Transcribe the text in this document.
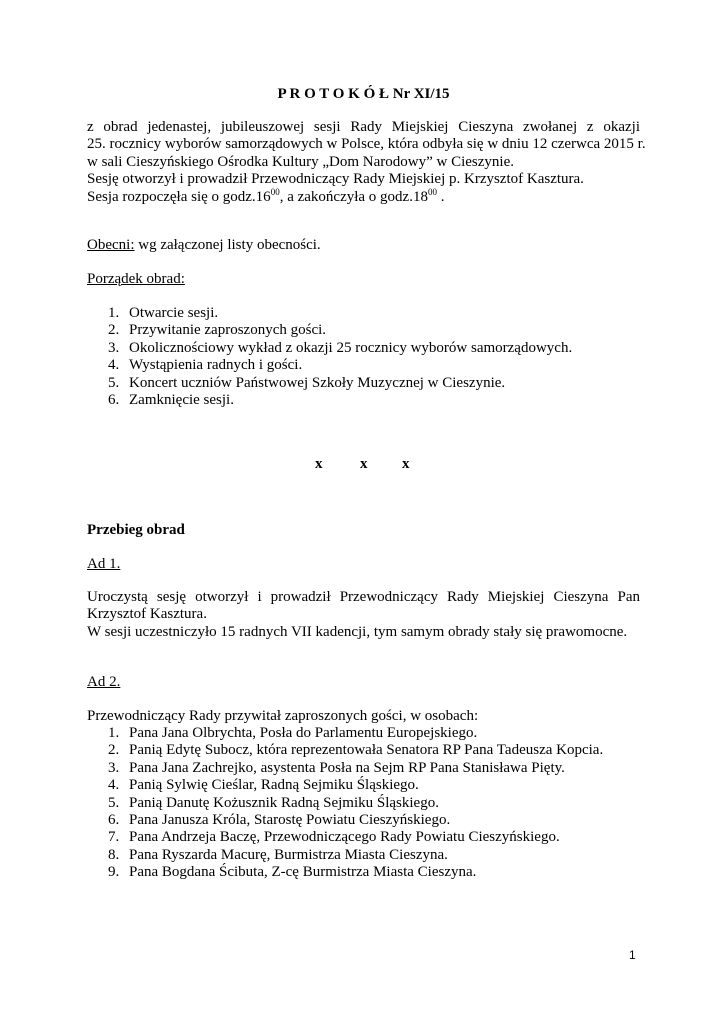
P R O T O K Ó Ł Nr XI/15
z obrad jedenastej, jubileuszowej sesji Rady Miejskiej Cieszyna zwołanej z okazji
25. rocznicy wyborów samorządowych w Polsce, która odbyła się w dniu 12 czerwca 2015 r.
w sali Cieszyńskiego Ośrodka Kultury „Dom Narodowy” w Cieszynie.
Sesję otworzył i prowadził Przewodniczący Rady Miejskiej p. Krzysztof Kasztura.
Sesja rozpoczęła się o $godz.16^{00}$, a zakończyła o $godz.18^{00}$ .
Obecni: wg załączonej listy obecności.
Porządek obrad:
1. Otwarcie sesji.
2. Przywitanie zaproszonych gości.
3. Okolicznościowy wykład z okazji 25 rocznicy wyborów samorządowych.
4. Wystąpienia radnych i gości.
5. Koncert uczniów Państwowej Szkoły Muzycznej w Cieszynie.
6. Zamknięcie sesji.
x	x x
Przebieg obrad
Ad 1.
Uroczystą sesję otworzył i prowadził Przewodniczący Rady Miejskiej Cieszyna Pan
Krzysztof Kasztura.
W sesji uczestniczyło 15 radnych VII kadencji, tym samym obrady stały się prawomocne.
Ad 2.
Przewodniczący Rady przywitał zaproszonych gości, w osobach:
1. Pana Jana Olbrychta, Posła do Parlamentu Europejskiego.
2. Panią Edytę Subocz, która reprezentowała Senatora RP Pana Tadeusza Kopcia.
3. Pana Jana Zachrejko, asystenta Posła na Sejm RP Pana Stanisława Pięty.
4. Panią Sylwię Cieślar, Radną Sejmiku Śląskiego.
5. Panią Danutę Kożusznik Radną Sejmiku Śląskiego.
6. Pana Janusza Króla, Starostę Powiatu Cieszyńskiego.
7. Pana Andrzeja Baczę, Przewodniczącego Rady Powiatu Cieszyńskiego.
8. Pana Ryszarda Macurę, Burmistrza Miasta Cieszyna.
9. Pana Bogdana Ścibuta, Z-cę Burmistrza Miasta Cieszyna.
1
